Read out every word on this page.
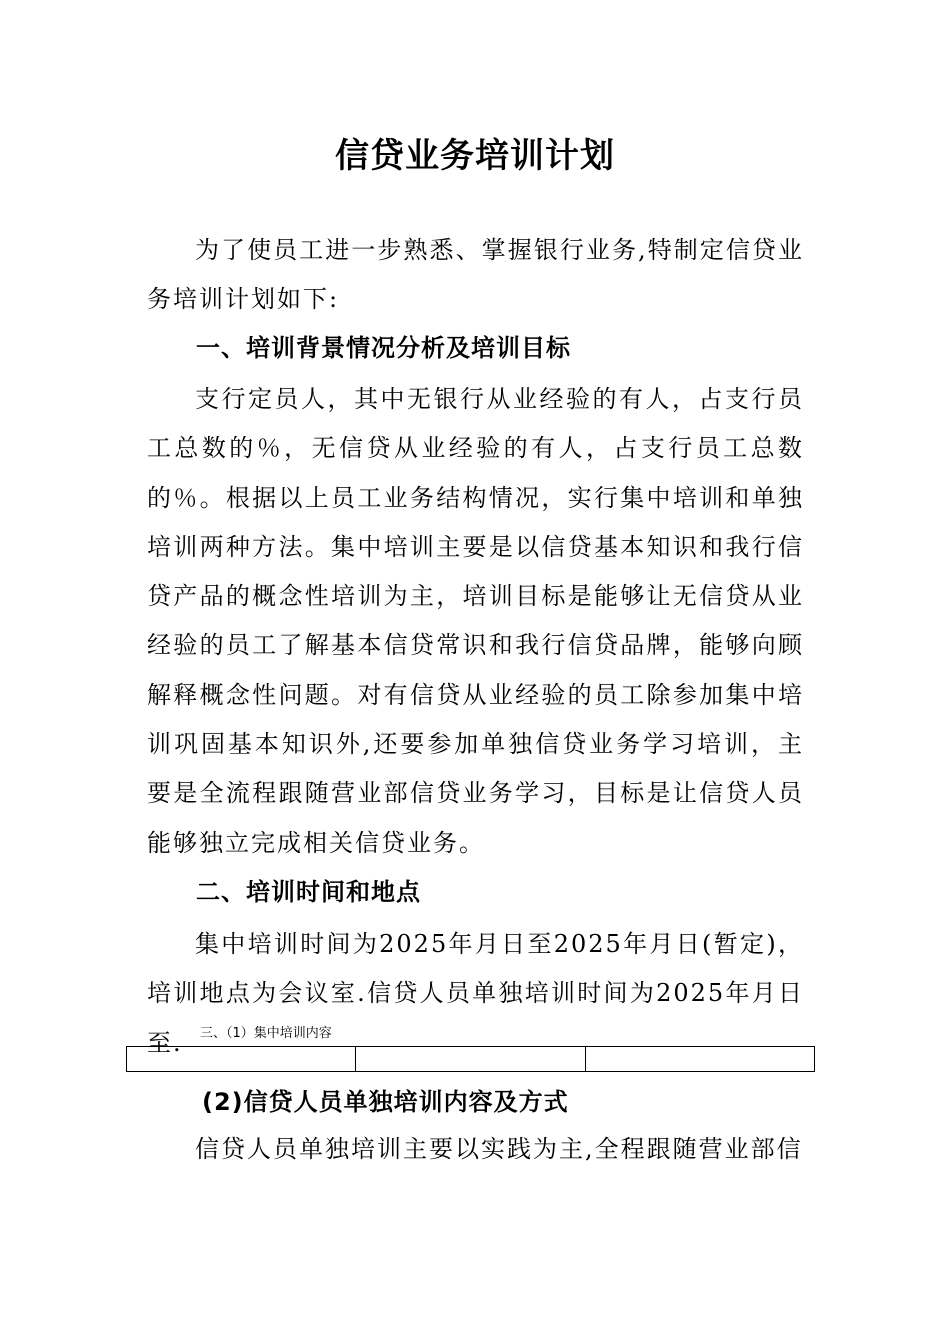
信贷业务培训计划

为了使员工进一步熟悉、掌握银行业务,特制定信贷业务培训计划如下:

一、培训背景情况分析及培训目标

支行定员人，其中无银行从业经验的有人，占支行员工总数的％，无信贷从业经验的有人，占支行员工总数的％。根据以上员工业务结构情况，实行集中培训和单独培训两种方法。集中培训主要是以信贷基本知识和我行信贷产品的概念性培训为主，培训目标是能够让无信贷从业经验的员工了解基本信贷常识和我行信贷品牌，能够向顾解释概念性问题。对有信贷从业经验的员工除参加集中培训巩固基本知识外,还要参加单独信贷业务学习培训，主要是全流程跟随营业部信贷业务学习，目标是让信贷人员能够独立完成相关信贷业务。

二、培训时间和地点

集中培训时间为2025年月日至2025年月日(暂定)，培训地点为会议室.信贷人员单独培训时间为2025年月日至.	三、（1）集中培训内容

(2)信贷人员单独培训内容及方式

信贷人员单独培训主要以实践为主,全程跟随营业部信
